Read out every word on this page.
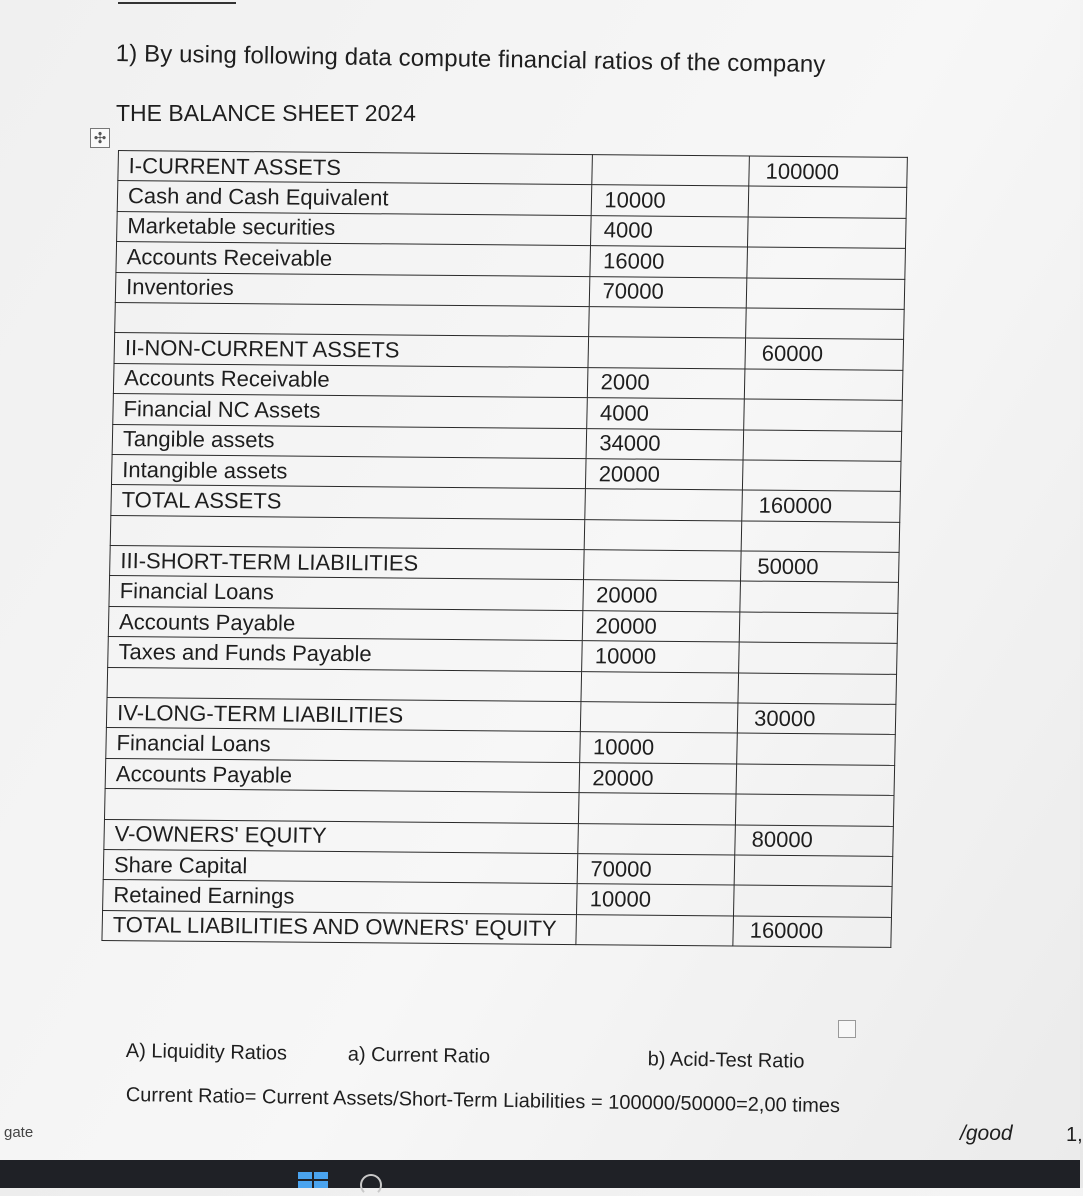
1) By using following data compute financial ratios of the company
THE BALANCE SHEET 2024
✣
I-CURRENT ASSETS		100000
Cash and Cash Equivalent	10000	
Marketable securities	4000	
Accounts Receivable	16000	
Inventories	70000	

II-NON-CURRENT ASSETS		60000
Accounts Receivable	2000	
Financial NC Assets	4000	
Tangible assets	34000	
Intangible assets	20000	
TOTAL ASSETS		160000

III-SHORT-TERM LIABILITIES		50000
Financial Loans	20000	
Accounts Payable	20000	
Taxes and Funds Payable	10000	

IV-LONG-TERM LIABILITIES		30000
Financial Loans	10000	
Accounts Payable	20000	

V-OWNERS' EQUITY		80000
Share Capital	70000	
Retained Earnings	10000	
TOTAL LIABILITIES AND OWNERS' EQUITY		160000
A) Liquidity Ratios	a) Current Ratio	b) Acid-Test Ratio
Current Ratio= Current Assets/Short-Term Liabilities = 100000/50000=2,00 times
/good	1,
gate
